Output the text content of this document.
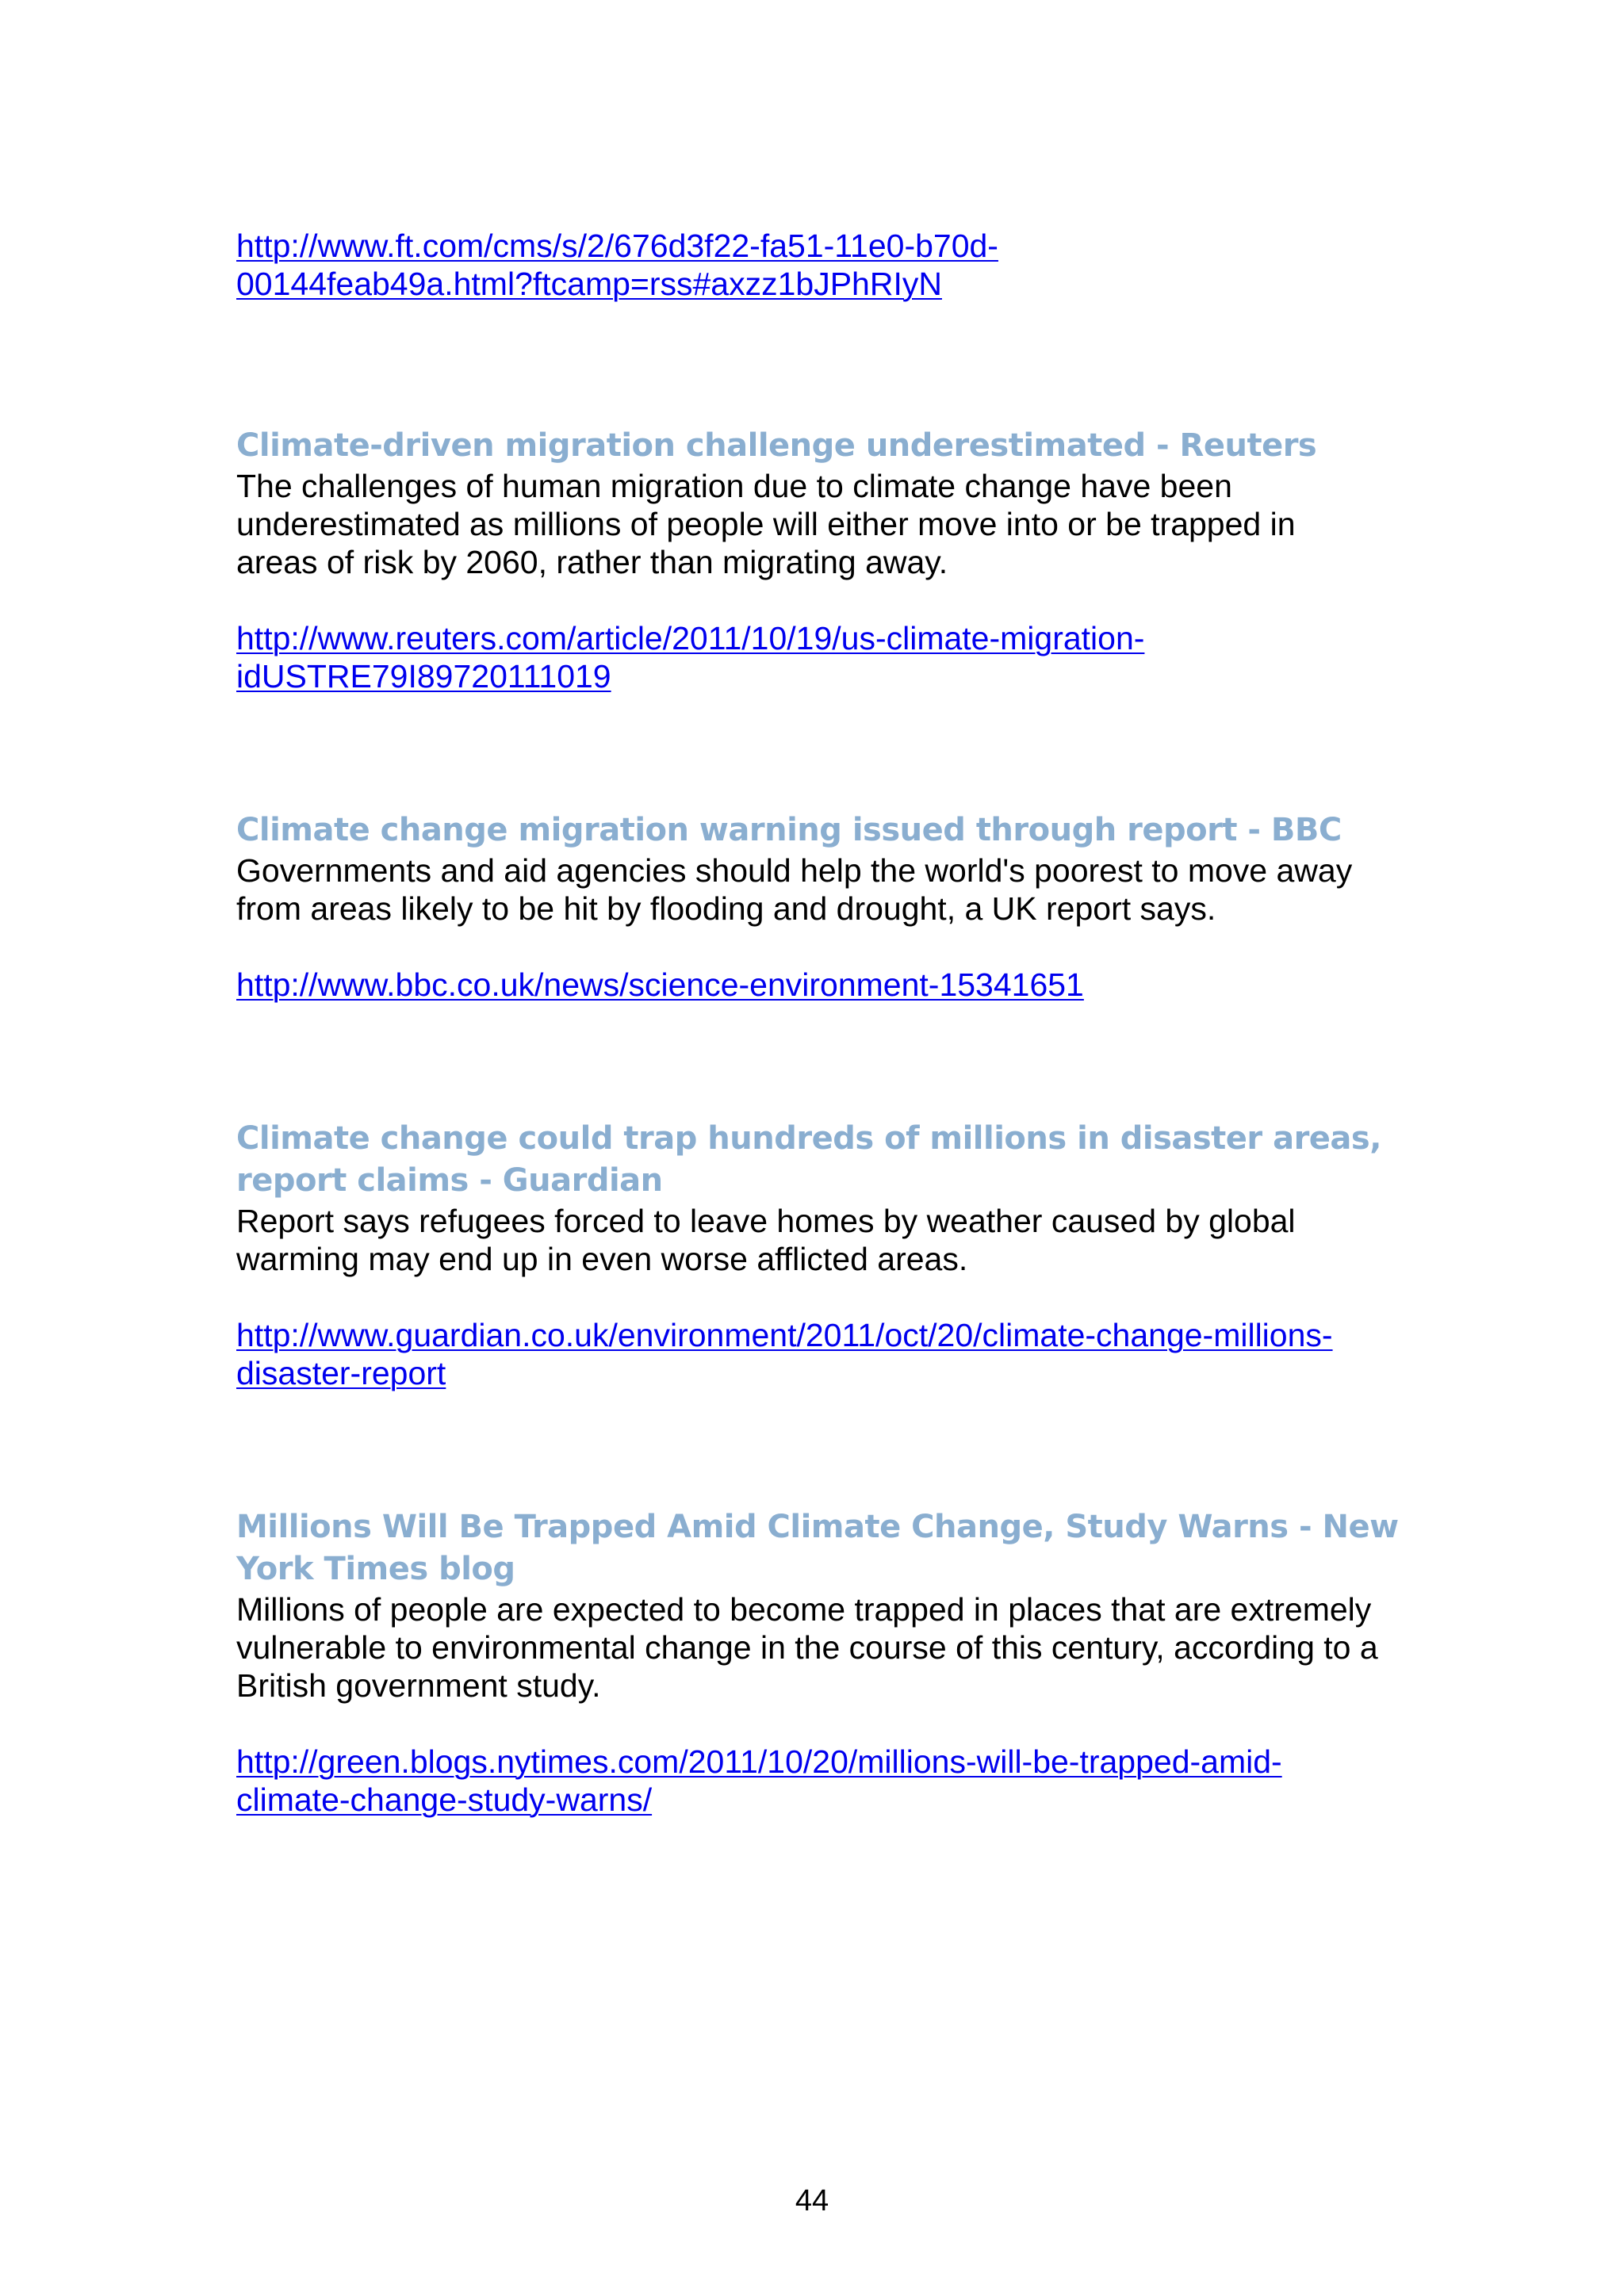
http://www.ft.com/cms/s/2/676d3f22-fa51-11e0-b70d-
00144feab49a.html?ftcamp=rss#axzz1bJPhRIyN
Climate-driven migration challenge underestimated - Reuters
The challenges of human migration due to climate change have been
underestimated as millions of people will either move into or be trapped in
areas of risk by 2060, rather than migrating away.
http://www.reuters.com/article/2011/10/19/us-climate-migration-
idUSTRE79I89720111019
Climate change migration warning issued through report - BBC
Governments and aid agencies should help the world's poorest to move away
from areas likely to be hit by flooding and drought, a UK report says.
http://www.bbc.co.uk/news/science-environment-15341651
Climate change could trap hundreds of millions in disaster areas,
report claims - Guardian
Report says refugees forced to leave homes by weather caused by global
warming may end up in even worse afflicted areas.
http://www.guardian.co.uk/environment/2011/oct/20/climate-change-millions-
disaster-report
Millions Will Be Trapped Amid Climate Change, Study Warns - New
York Times blog
Millions of people are expected to become trapped in places that are extremely
vulnerable to environmental change in the course of this century, according to a
British government study.
http://green.blogs.nytimes.com/2011/10/20/millions-will-be-trapped-amid-
climate-change-study-warns/
44
